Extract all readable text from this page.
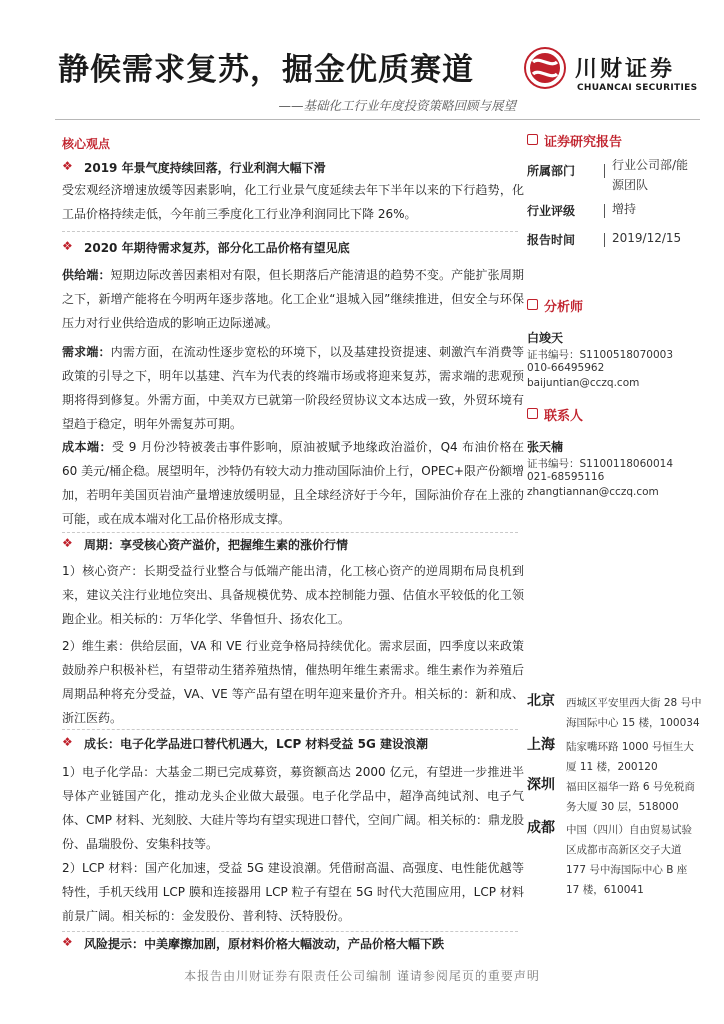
静候需求复苏，掘金优质赛道	川财证券
CHUANCAI SECURITIES
——基础化工行业年度投资策略回顾与展望
核心观点
❖ 2019 年景气度持续回落，行业利润大幅下滑

受宏观经济增速放缓等因素影响，化工行业景气度延续去年下半年以来的下行趋势，化工品价格持续走低，今年前三季度化工行业净利润同比下降 26%。

❖ 2020 年期待需求复苏，部分化工品价格有望见底

供给端：短期边际改善因素相对有限，但长期落后产能清退的趋势不变。产能扩张周期之下，新增产能将在今明两年逐步落地。化工企业“退城入园”继续推进，但安全与环保压力对行业供给造成的影响正边际递减。

需求端：内需方面，在流动性逐步宽松的环境下，以及基建投资提速、刺激汽车消费等政策的引导之下，明年以基建、汽车为代表的终端市场或将迎来复苏，需求端的悲观预期将得到修复。外需方面，中美双方已就第一阶段经贸协议文本达成一致，外贸环境有望趋于稳定，明年外需复苏可期。

成本端：受 9 月份沙特被袭击事件影响，原油被赋予地缘政治溢价，Q4 布油价格在 60 美元/桶企稳。展望明年，沙特仍有较大动力推动国际油价上行，OPEC+限产份额增加，若明年美国页岩油产量增速放缓明显，且全球经济好于今年，国际油价存在上涨的可能，或在成本端对化工品价格形成支撑。

❖ 周期：享受核心资产溢价，把握维生素的涨价行情

1）核心资产：长期受益行业整合与低端产能出清，化工核心资产的逆周期布局良机到来，建议关注行业地位突出、具备规模优势、成本控制能力强、估值水平较低的化工领跑企业。相关标的：万华化学、华鲁恒升、扬农化工。

2）维生素：供给层面，VA 和 VE 行业竞争格局持续优化。需求层面，四季度以来政策鼓励养户积极补栏，有望带动生猪养殖热情，催热明年维生素需求。维生素作为养殖后周期品种将充分受益，VA、VE 等产品有望在明年迎来量价齐升。相关标的：新和成、浙江医药。

❖ 成长：电子化学品进口替代机遇大，LCP 材料受益 5G 建设浪潮

1）电子化学品：大基金二期已完成募资，募资额高达 2000 亿元，有望进一步推进半导体产业链国产化，推动龙头企业做大最强。电子化学品中，超净高纯试剂、电子气体、CMP 材料、光刻胶、大硅片等均有望实现进口替代，空间广阔。相关标的：鼎龙股份、晶瑞股份、安集科技等。

2）LCP 材料：国产化加速，受益 5G 建设浪潮。凭借耐高温、高强度、电性能优越等特性，手机天线用 LCP 膜和连接器用 LCP 粒子有望在 5G 时代大范围应用，LCP 材料前景广阔。相关标的：金发股份、普利特、沃特股份。

❖ 风险提示：中美摩擦加剧，原材料价格大幅波动，产品价格大幅下跌
证券研究报告
所属部门	行业公司部/能源团队
行业评级	增持
报告时间	2019/12/15
分析师
白竣天
证书编号：S1100518070003
010-66495962
baijuntian@cczq.com
联系人
张天楠
证书编号：S1100118060014
021-68595116
zhangtiannan@cczq.com
北京 西城区平安里西大街 28 号中海国际中心 15 楼，100034

上海 陆家嘴环路 1000 号恒生大厦 11 楼，200120

深圳 福田区福华一路 6 号免税商务大厦 30 层，518000

成都 中国（四川）自由贸易试验区成都市高新区交子大道 177 号中海国际中心 B 座 17 楼，610041

本报告由川财证券有限责任公司编制 谨请参阅尾页的重要声明
